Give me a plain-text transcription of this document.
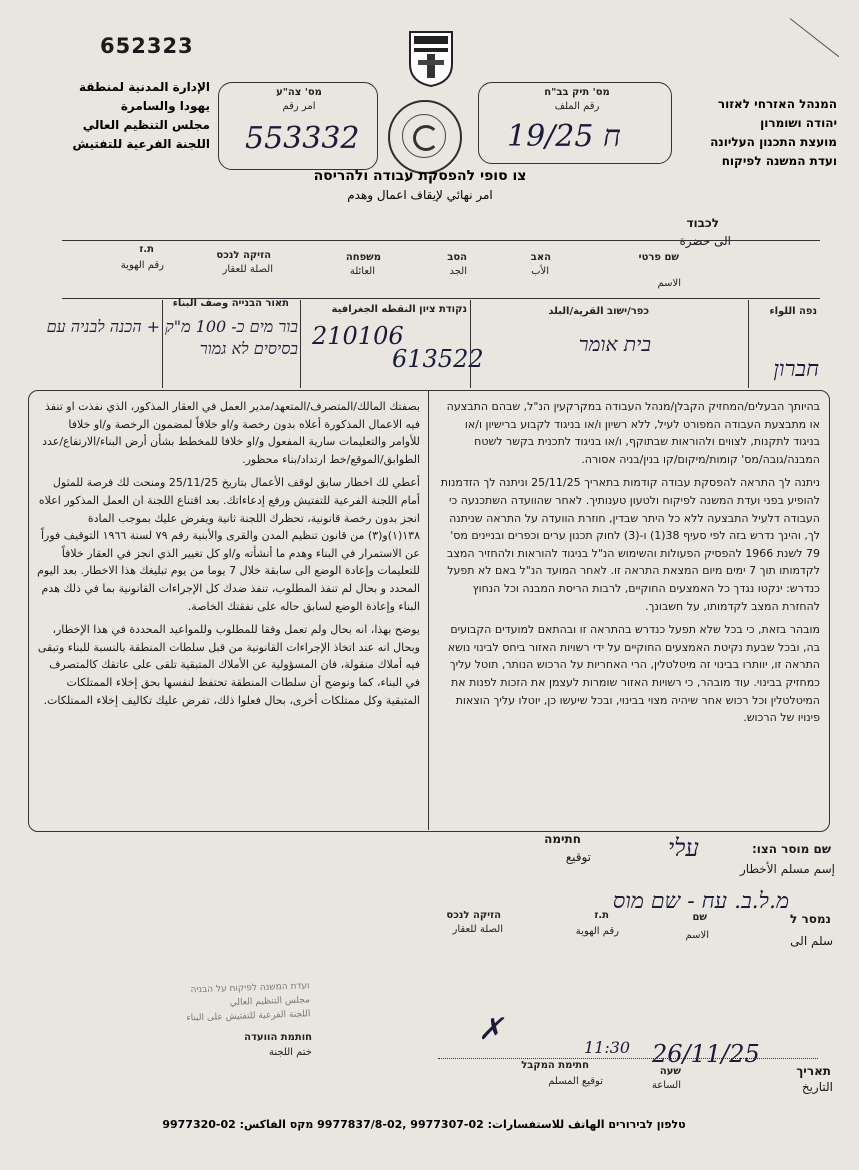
652323
המנהל האזרחי לאזור
יהודה ושומרון
מועצת התכנון העליונה
ועדת המשנה לפיקוח
الإدارة المدنية لمنطقة
يهودا والسامرة
مجلس التنظيم العالي
اللجنة الفرعية للتفتيش
מס' תיק בב"ח
رقم الملف
19/25 ח
מס' צה"ע
امر رقم
553332
צו סופי להפסקת עבודה ולהריסה
امر نهائي لإيقاف اعمال وهدم
לכבוד
الى حضرة
שם פרטי
الاسم
האב
الأب
הסב
الجد
משפחה
العائلة
הזיקה לנכס
الصلة للعقار
ת.ז
رقم الهوية
נפה اللواء
כפר/ישוב القرية/البلد
נקודת ציון النقطه الجغرافية
תאור הבנייה وصف البناء
חברון
בית אומר
210106
613522
בור מים כ- 100 מ"ק + הכנה לבניה עם בסיסים לא גמור

בהיותך הבעלים/המחזיק הקבלן/מנהל העבודה במקרקעין הנ"ל, שבהם התבצעה או מתבצעת העבודה המפורט לעיל, ללא רשיון ו/או בניגוד לקבוע ברישיון ו/או בניגוד לתקנות, לצווים ולהוראות שבתוקף, ו/או בניגוד לתכנית בקשר לשטח המבנה/גובה/מס' קומות/מיקום/קו בנין/בניה אסורה.

ניתנה לך התראה להפסקת עבודה קודמות בתאריך 25/11/25 וניתנה לך הזדמנות להופיע בפני ועדת המשנה לפיקוח ולטעון טענותיך. לאחר שהוועדה השתכנעה כי העבודה דלעיל התבצעה ללא כל היתר שבדין, חוזרת הוועדה על התראה שניתנה לך, והינך נדרש בזה לפי סעיף 38(1) ו-(3) לחוק תכנון ערים וכפרים ובניינים מס' 79 לשנת 1966 להפסיק הפעולות והשימוש הנ"ל בניגוד להוראות ולהחזיר המצב לקדמותו תוך 7 ימים מיום המצאת התראה זו. לאחר המועד הנ"ל באם לא תפעל כנדרש: ינקטו נגדך כל האמצעים החוקיים, לרבות הריסת המבנה וכל הנחוץ להחזרת המצב לקדמותו, על חשבונך.

מובהר בזאת, כי בכל שלא תפעל כנדרש בהתראה זו ובהתאם למועדים הקבועים בה, ובכל שבעת נקיטת האמצעים החוקיים על ידי רשויות האזור ביחס לבינוי נושא התראה זו, יוותרו בבינוי זה מיטלטלין, הרי האחריות על הרכוש הנותר, תוטל עליך כמחזיק בבינוי. עוד מובהר, כי רשויות האזור שומרות לעצמן את הזכות לפנות את המיטלטלין וכל רכוש אחר שיהיה מצוי בבינוי, ובכל שיעשו כן, יוטלו עליך הוצאות פינויו של הרכוש.

بصفتك المالك/المتصرف/المتعهد/مدير العمل في العقار المذكور، الذي نفذت او تنفذ فيه الاعمال المذكورة أعلاه بدون رخصة و/او خلافاً لمضمون الرخصة و/او خلافا للأوامر والتعليمات سارية المفعول و/او خلافا للمخطط بشأن أرض البناء/الارتفاع/عدد الطوابق/الموقع/خط ارتداد/بناء محظور.

أعطي لك اخطار سابق لوقف الأعمال بتاريخ 25/11/25 ومنحت لك فرصة للمثول أمام اللجنة الفرعية للتفتيش ورفع إدعاءاتك. بعد اقتناع اللجنة ان العمل المذكور اعلاه انجز بدون رخصة قانونية، تحظرك اللجنة ثانية ويفرض عليك بموجب المادة ١٣٨(١)و(٣) من قانون تنظيم المدن والقرى والأبنية رقم ٧٩ لسنة ١٩٦٦ التوقيف فوراً عن الاستمرار في البناء وهدم ما أنشأته و/او كل تغيير الذي انجز في العقار خلافاً للتعليمات وإعادة الوضع الى سابقة خلال 7 يوما من يوم تبليغك هذا الاخطار. بعد اليوم المحدد و بحال لم تنفذ المطلوب، تنفذ ضدك كل الإجراءات القانونية بما في ذلك هدم البناء وإعادة الوضع لسابق حاله على نفقتك الخاصة.

يوضح بهذا، انه بحال ولم تعمل وفقا للمطلوب وللمواعيد المحددة في هذا الإخطار، وبحال انه عند اتخاذ الإجراءات القانونية من قبل سلطات المنطقة بالنسبة للبناء وتبقى فيه أملاك منقولة، فان المسؤولية عن الأملاك المتبقية تلقى على عاتقك كالمتصرف في البناء، كما ونوضح أن سلطات المنطقة تحتفظ لنفسها بحق إخلاء الممتلكات المتبقية وكل ممتلكات أخرى، بحال فعلوا ذلك، تفرض عليك تكاليف إخلاء الممتلكات.

שם מוסר הצו:
إسم مسلم الأخطار
עלי
חתימה
توقيع
מ.ל.ב. עח - שם מוס
נמסר ל
سلم الى
שם
الاسم
ת.ז
رقم الهوية
הזיקה לנכס
الصلة للعقار
ועדת המשנה לפיקוח על הבניה
مجلس التنظيم العالي
اللجنة الفرعية للتفتيش على البناء
חותמת הוועדה
ختم اللجنة	26/11/25
תאריך
التاريخ
11:30
שעה
الساعة
חתימת המקבל
توقيع المسلم
✗
טלפון לבירורים الهاتف للاستفسارات: 02-9977307 ,02-9977837/8 מקס الفاكس: 02-9977320
